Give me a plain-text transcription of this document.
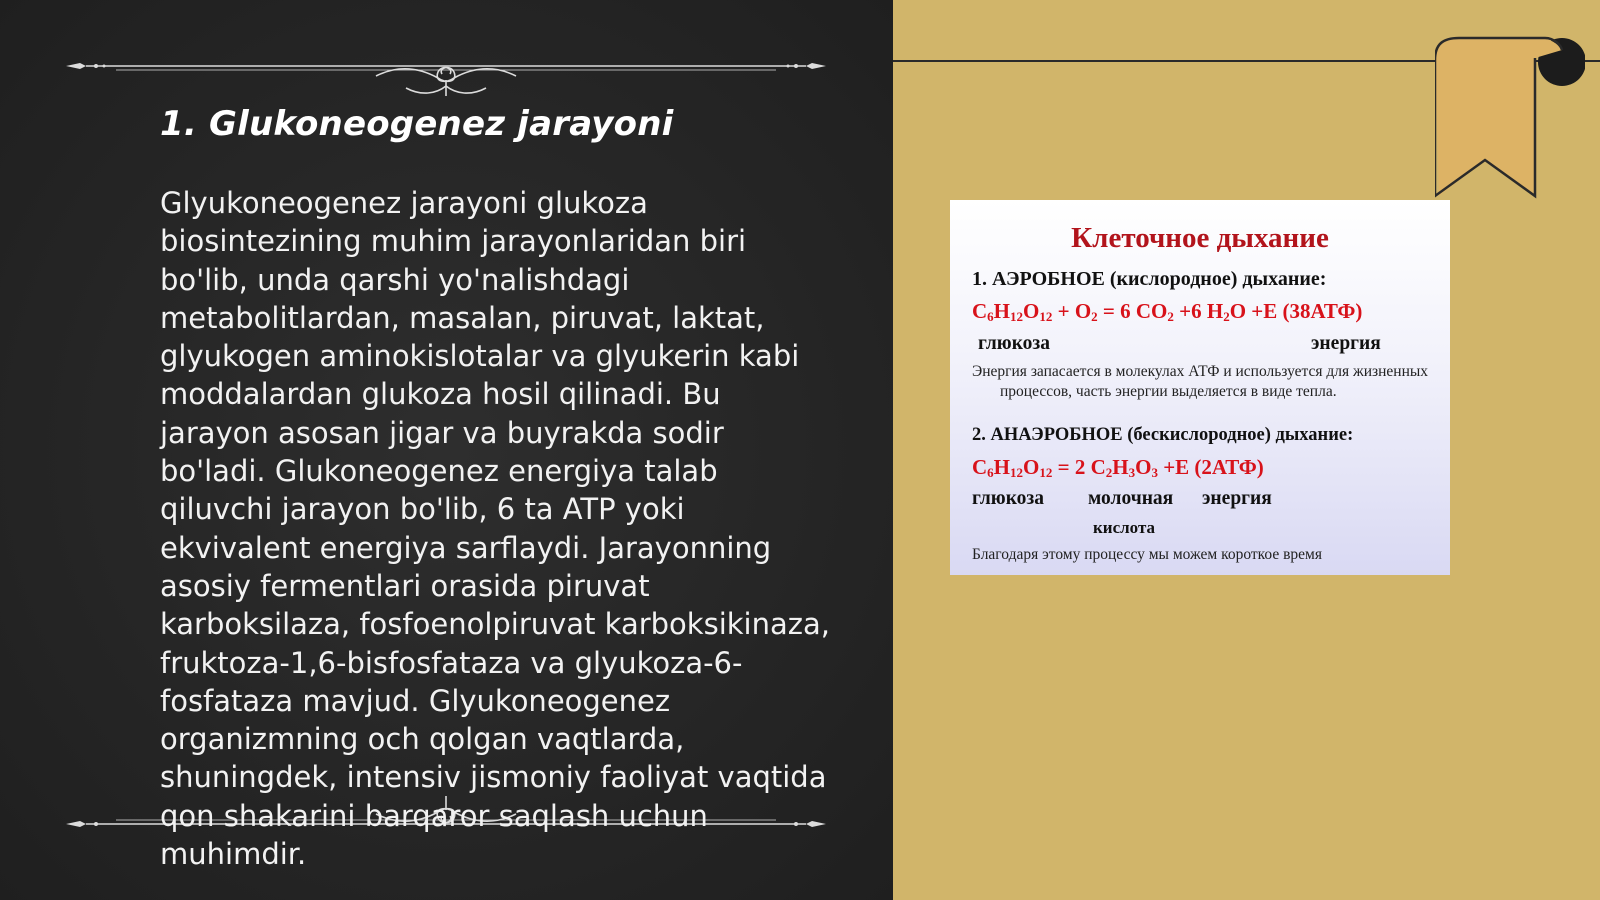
1. Glukoneogenez jarayoni

Glyukoneogenez jarayoni glukoza biosintezining muhim jarayonlaridan biri bo'lib, unda qarshi yo'nalishdagi metabolitlardan, masalan, piruvat, laktat, glyukogen aminokislotalar va glyukerin kabi moddalardan glukoza hosil qilinadi. Bu jarayon asosan jigar va buyrakda sodir bo'ladi. Glukoneogenez energiya talab qiluvchi jarayon bo'lib, 6 ta ATP yoki ekvivalent energiya sarflaydi. Jarayonning asosiy fermentlari orasida piruvat karboksilaza, fosfoenolpiruvat karboksikinaza, fruktoza-1,6-bisfosfataza va glyukoza-6-fosfataza mavjud. Glyukoneogenez organizmning och qolgan vaqtlarda, shuningdek, intensiv jismoniy faoliyat vaqtida qon shakarini barqaror saqlash uchun muhimdir.

Клеточное дыхание
1. АЭРОБНОЕ (кислородное) дыхание:
$C_6H_{12}O_{12} + O_2 = 6$ $CO_2 +6$ $H_2O +E$ (38АТФ)
глюкоза	энергия
Энергия запасается в молекулах АТФ и используется для жизненных процессов, часть энергии выделяется в виде тепла.
2. АНАЭРОБНОЕ (бескислородное) дыхание:
$C_6H_{12}O_{12} = 2$ $C_2H_3O_3 +E$ (2АТФ)
глюкоза молочная энергия
кислота
Благодаря этому процессу мы можем короткое время
